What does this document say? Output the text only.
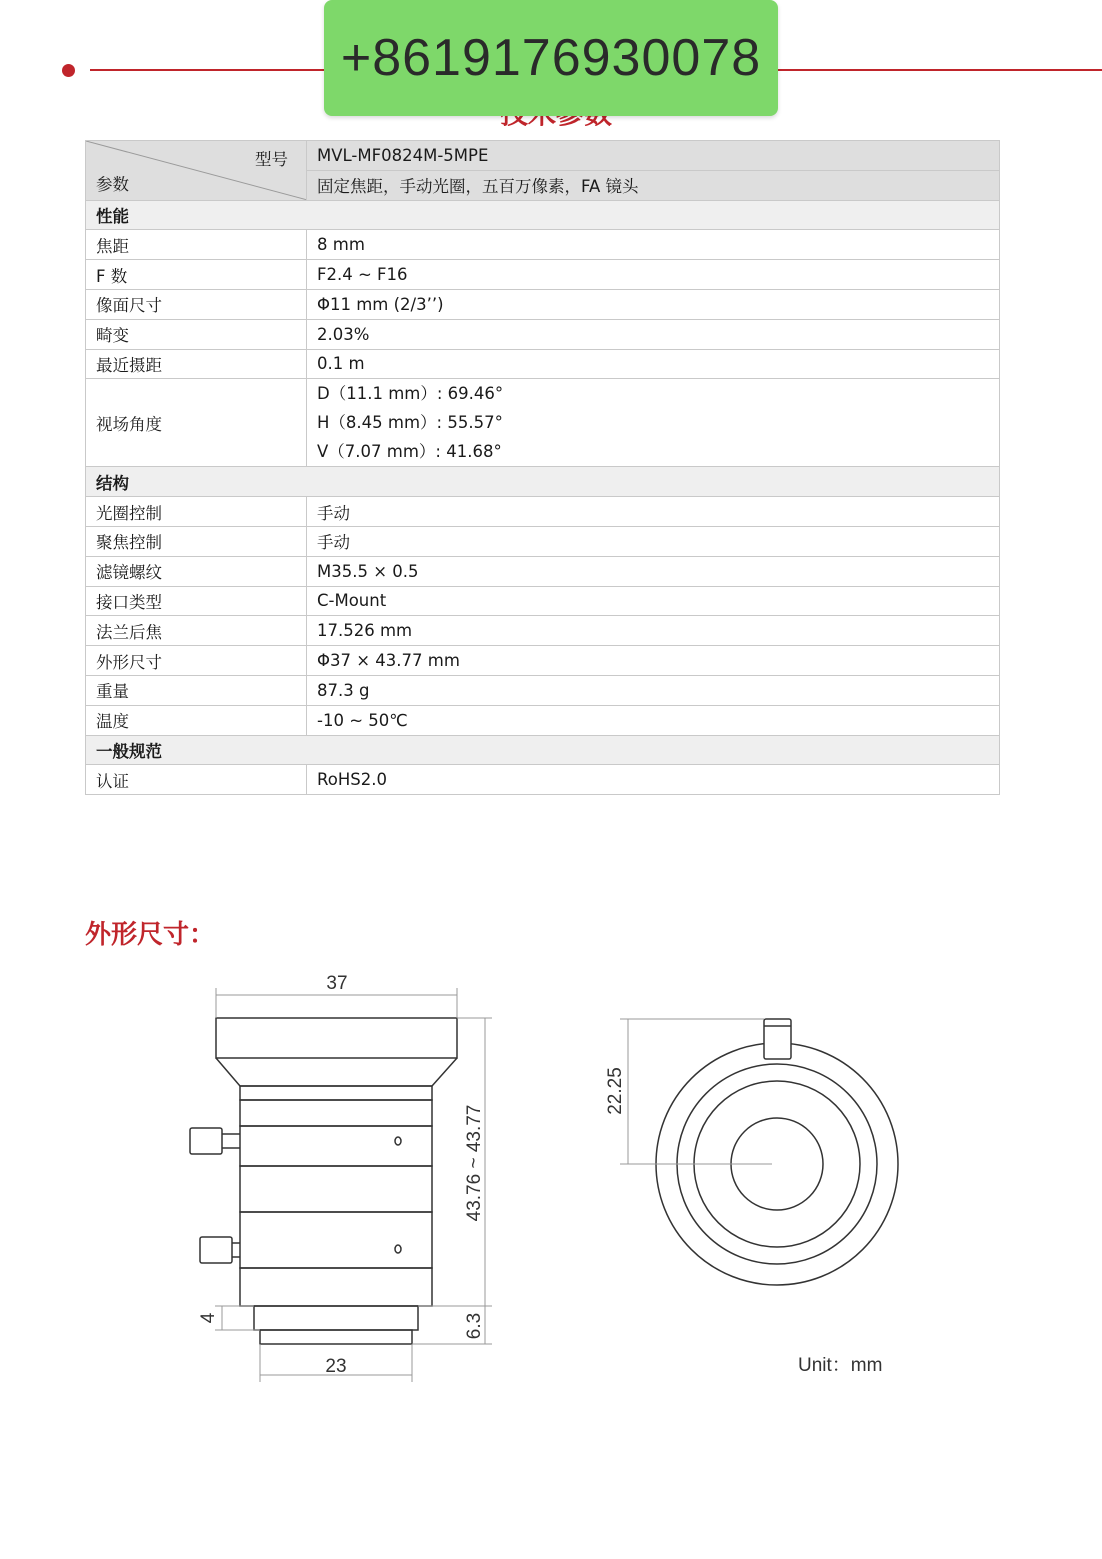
+8619176930078
型号
参数	MVL-MF0824M-5MPE
	固定焦距，手动光圈，五百万像素，FA 镜头
性能	
焦距	8 mm
F 数	F2.4 ~ F16
像面尺寸	Φ11 mm (2/3’’)
畸变	2.03%
最近摄距	0.1 m
视场角度	D（11.1 mm）: 69.46°
H（8.45 mm）: 55.57°
V（7.07 mm）: 41.68°

结构	
光圈控制	手动
聚焦控制	手动
滤镜螺纹	M35.5 × 0.5
接口类型	C-Mount
法兰后焦	17.526 mm
外形尺寸	Φ37 × 43.77 mm
重量	87.3 g
温度	-10 ~ 50℃
一般规范	
认证	RoHS2.0
外形尺寸：
37
43.76 ~ 43.77
6.3
4
23
22.25
Unit：mm
